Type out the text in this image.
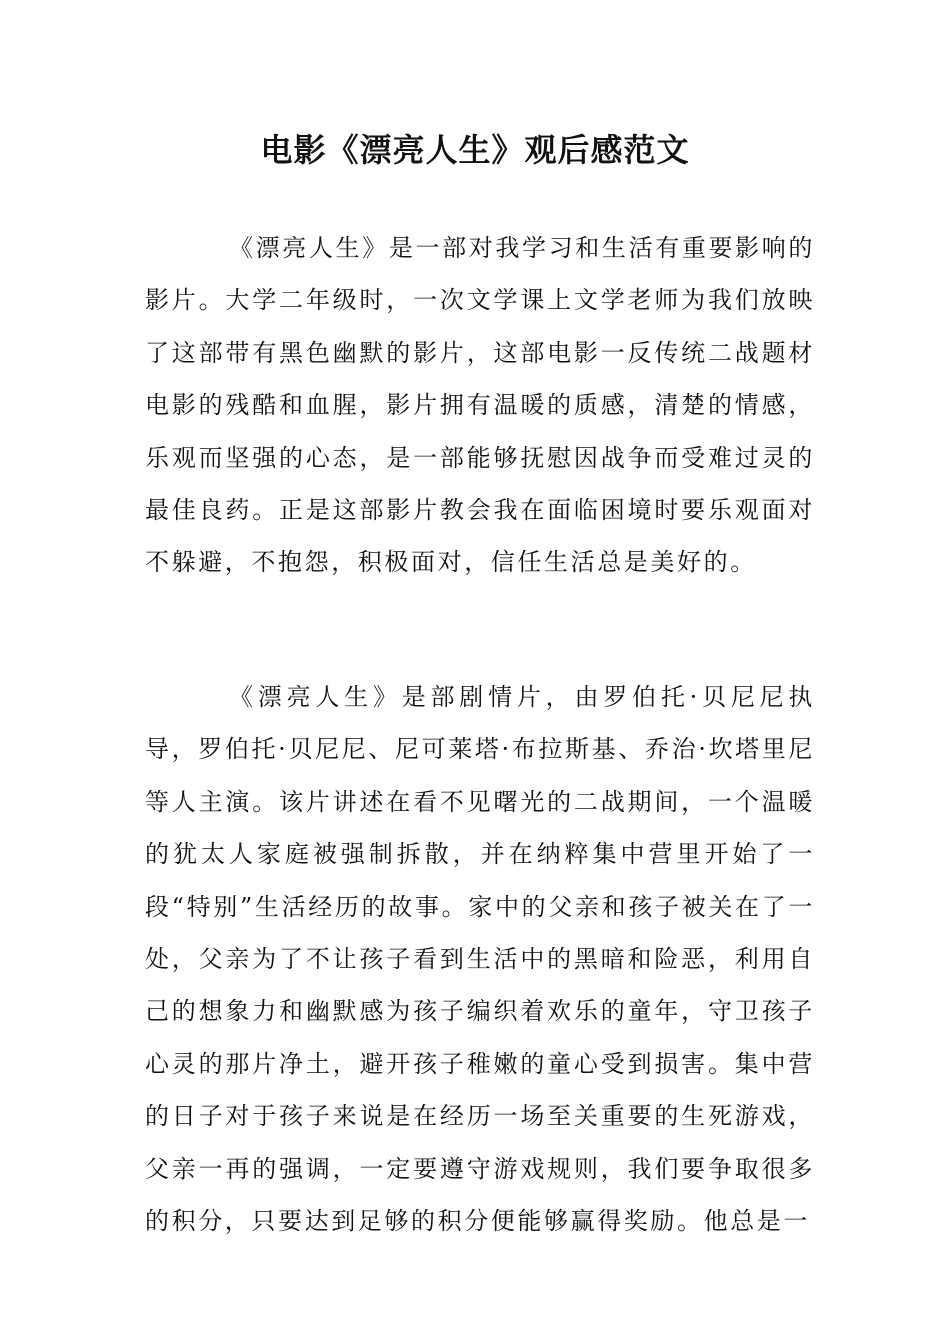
电影《漂亮人生》观后感范文

《漂亮人生》是一部对我学习和生活有重要影响的影片。大学二年级时，一次文学课上文学老师为我们放映了这部带有黑色幽默的影片，这部电影一反传统二战题材电影的残酷和血腥，影片拥有温暖的质感，清楚的情感，乐观而坚强的心态，是一部能够抚慰因战争而受难过灵的最佳良药。正是这部影片教会我在面临困境时要乐观面对不躲避，不抱怨，积极面对，信任生活总是美好的。

《漂亮人生》是部剧情片，由罗伯托·贝尼尼执导，罗伯托·贝尼尼、尼可莱塔·布拉斯基、乔治·坎塔里尼等人主演。该片讲述在看不见曙光的二战期间，一个温暖的犹太人家庭被强制拆散，并在纳粹集中营里开始了一段“特别”生活经历的故事。家中的父亲和孩子被关在了一处，父亲为了不让孩子看到生活中的黑暗和险恶，利用自己的想象力和幽默感为孩子编织着欢乐的童年，守卫孩子心灵的那片净土，避开孩子稚嫩的童心受到损害。集中营的日子对于孩子来说是在经历一场至关重要的生死游戏，父亲一再的强调，一定要遵守游戏规则，我们要争取很多的积分，只要达到足够的积分便能够赢得奖励。他总是一
